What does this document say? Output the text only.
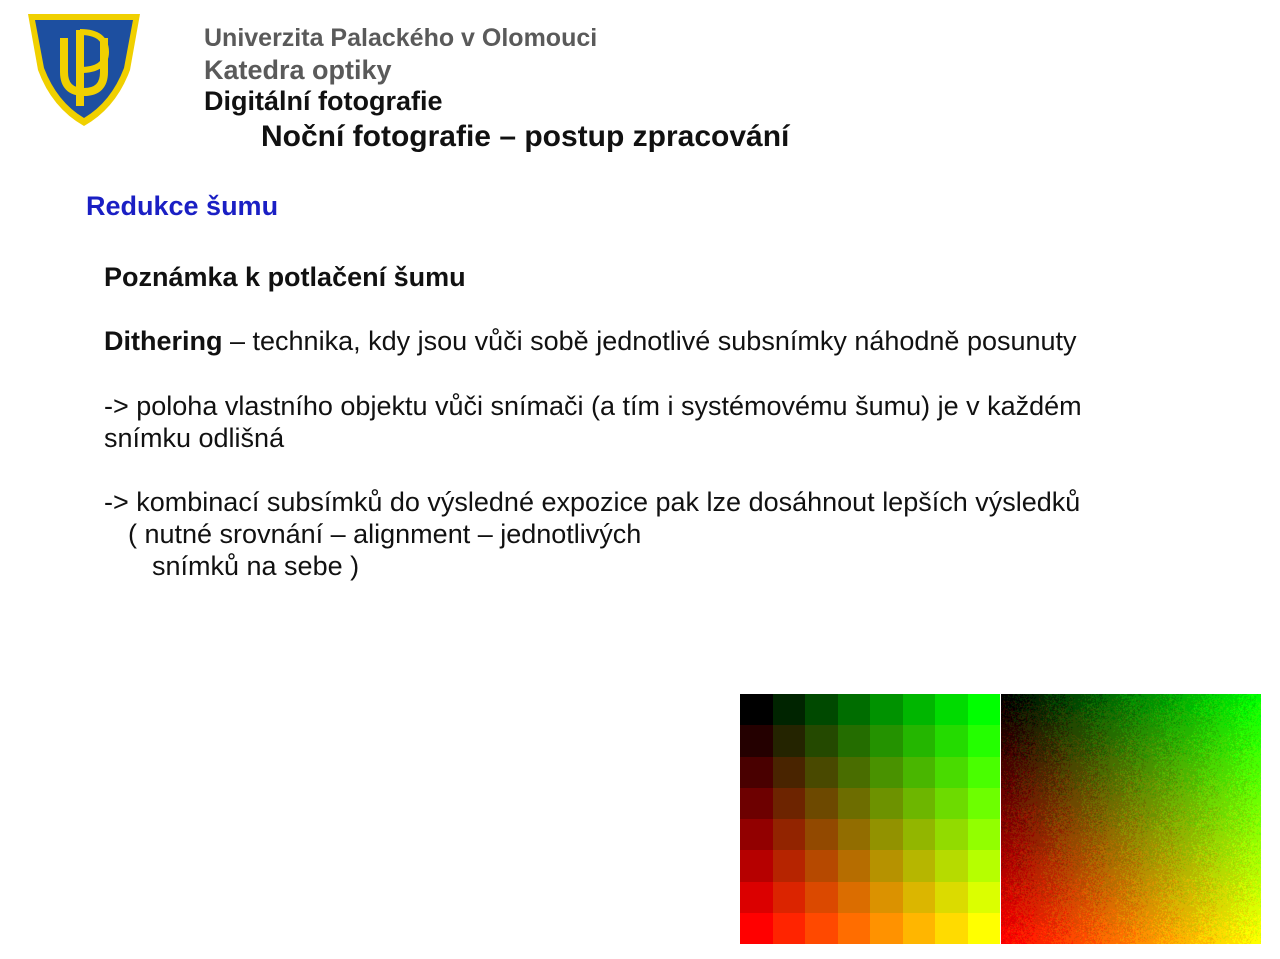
Univerzita Palackého v Olomouci
Katedra optiky
Digitální fotografie
Noční fotografie – postup zpracování
Redukce šumu
Poznámka k potlačení šumu
Dithering – technika, kdy jsou vůči sobě jednotlivé subsnímky náhodně posunuty
-> poloha vlastního objektu vůči snímači (a tím i systémovému šumu) je v každém
snímku odlišná
-> kombinací subsímků do výsledné expozice pak lze dosáhnout lepších výsledků
( nutné srovnání – alignment – jednotlivých
snímků na sebe )
